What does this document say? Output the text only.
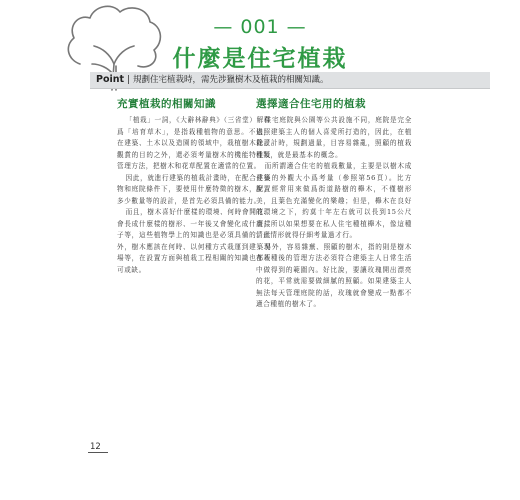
— 001 —
什麼是住宅植栽
Point | 規劃住宅植栽時，需先涉獵樹木及植栽的相關知識。
充實植栽的相關知識

「植栽」一詞，《大辭林辭典》（三省堂）解釋爲「培育草木」，是指栽種植物的意思。不過，在建築、土木以及造園的領域中，栽植樹木除了觀賞的目的之外，還必須考量樹木的機能特性及管理方法，把樹木和花草配置在適當的位置。

因此，就進行建築的植栽計畫時，在配合建築物和庭院條件下，要使用什麼特徵的樹木，配置多少數量等的設計，是首先必須具備的能力。

而且，樹木喜好什麼樣的環境、何時會開花、會長成什麼樣的樹形、一年後又會變化成什麼樣子等，這些植物學上的知識也是必須具備的。此外，樹木應該在何時、以何種方式栽運到建築現場等，在設置方面與植栽工程相關的知識也都不可或缺。

選擇適合住宅用的植栽

住宅庭院與公園等公共設施不同，庭院是完全依照建築主人的個人喜愛所打造的，因此，在植栽設計時，規劃過量，目容易雜亂，照顧的植栽種類，就是最基本的概念。

而所謂適合住宅的植栽數量，主要是以樹木成長後的外觀大小爲考量（參照第56頁）。比方說，經常用來做爲街道路樹的櫸木，不僅樹形美，且葉色充滿變化的樂趣；但是，櫸木在良好的環境之下，約莫十年左右就可以長到15公尺高，所以如果想要在私人住宅種植櫸木，像這種情形情形就得仔細考量過才行。

另外，容易雜蕪、照顧的樹木，指的則是樹木在栽種後的管理方法必須符合建築主人日常生活中做得到的範圍內。好比說，要讓玫瑰開出漂亮的花，平常就需要做細膩的照顧。如果建築主人無法每天管理庭院的話，玫瑰就會變成一點都不適合種植的樹木了。

12
